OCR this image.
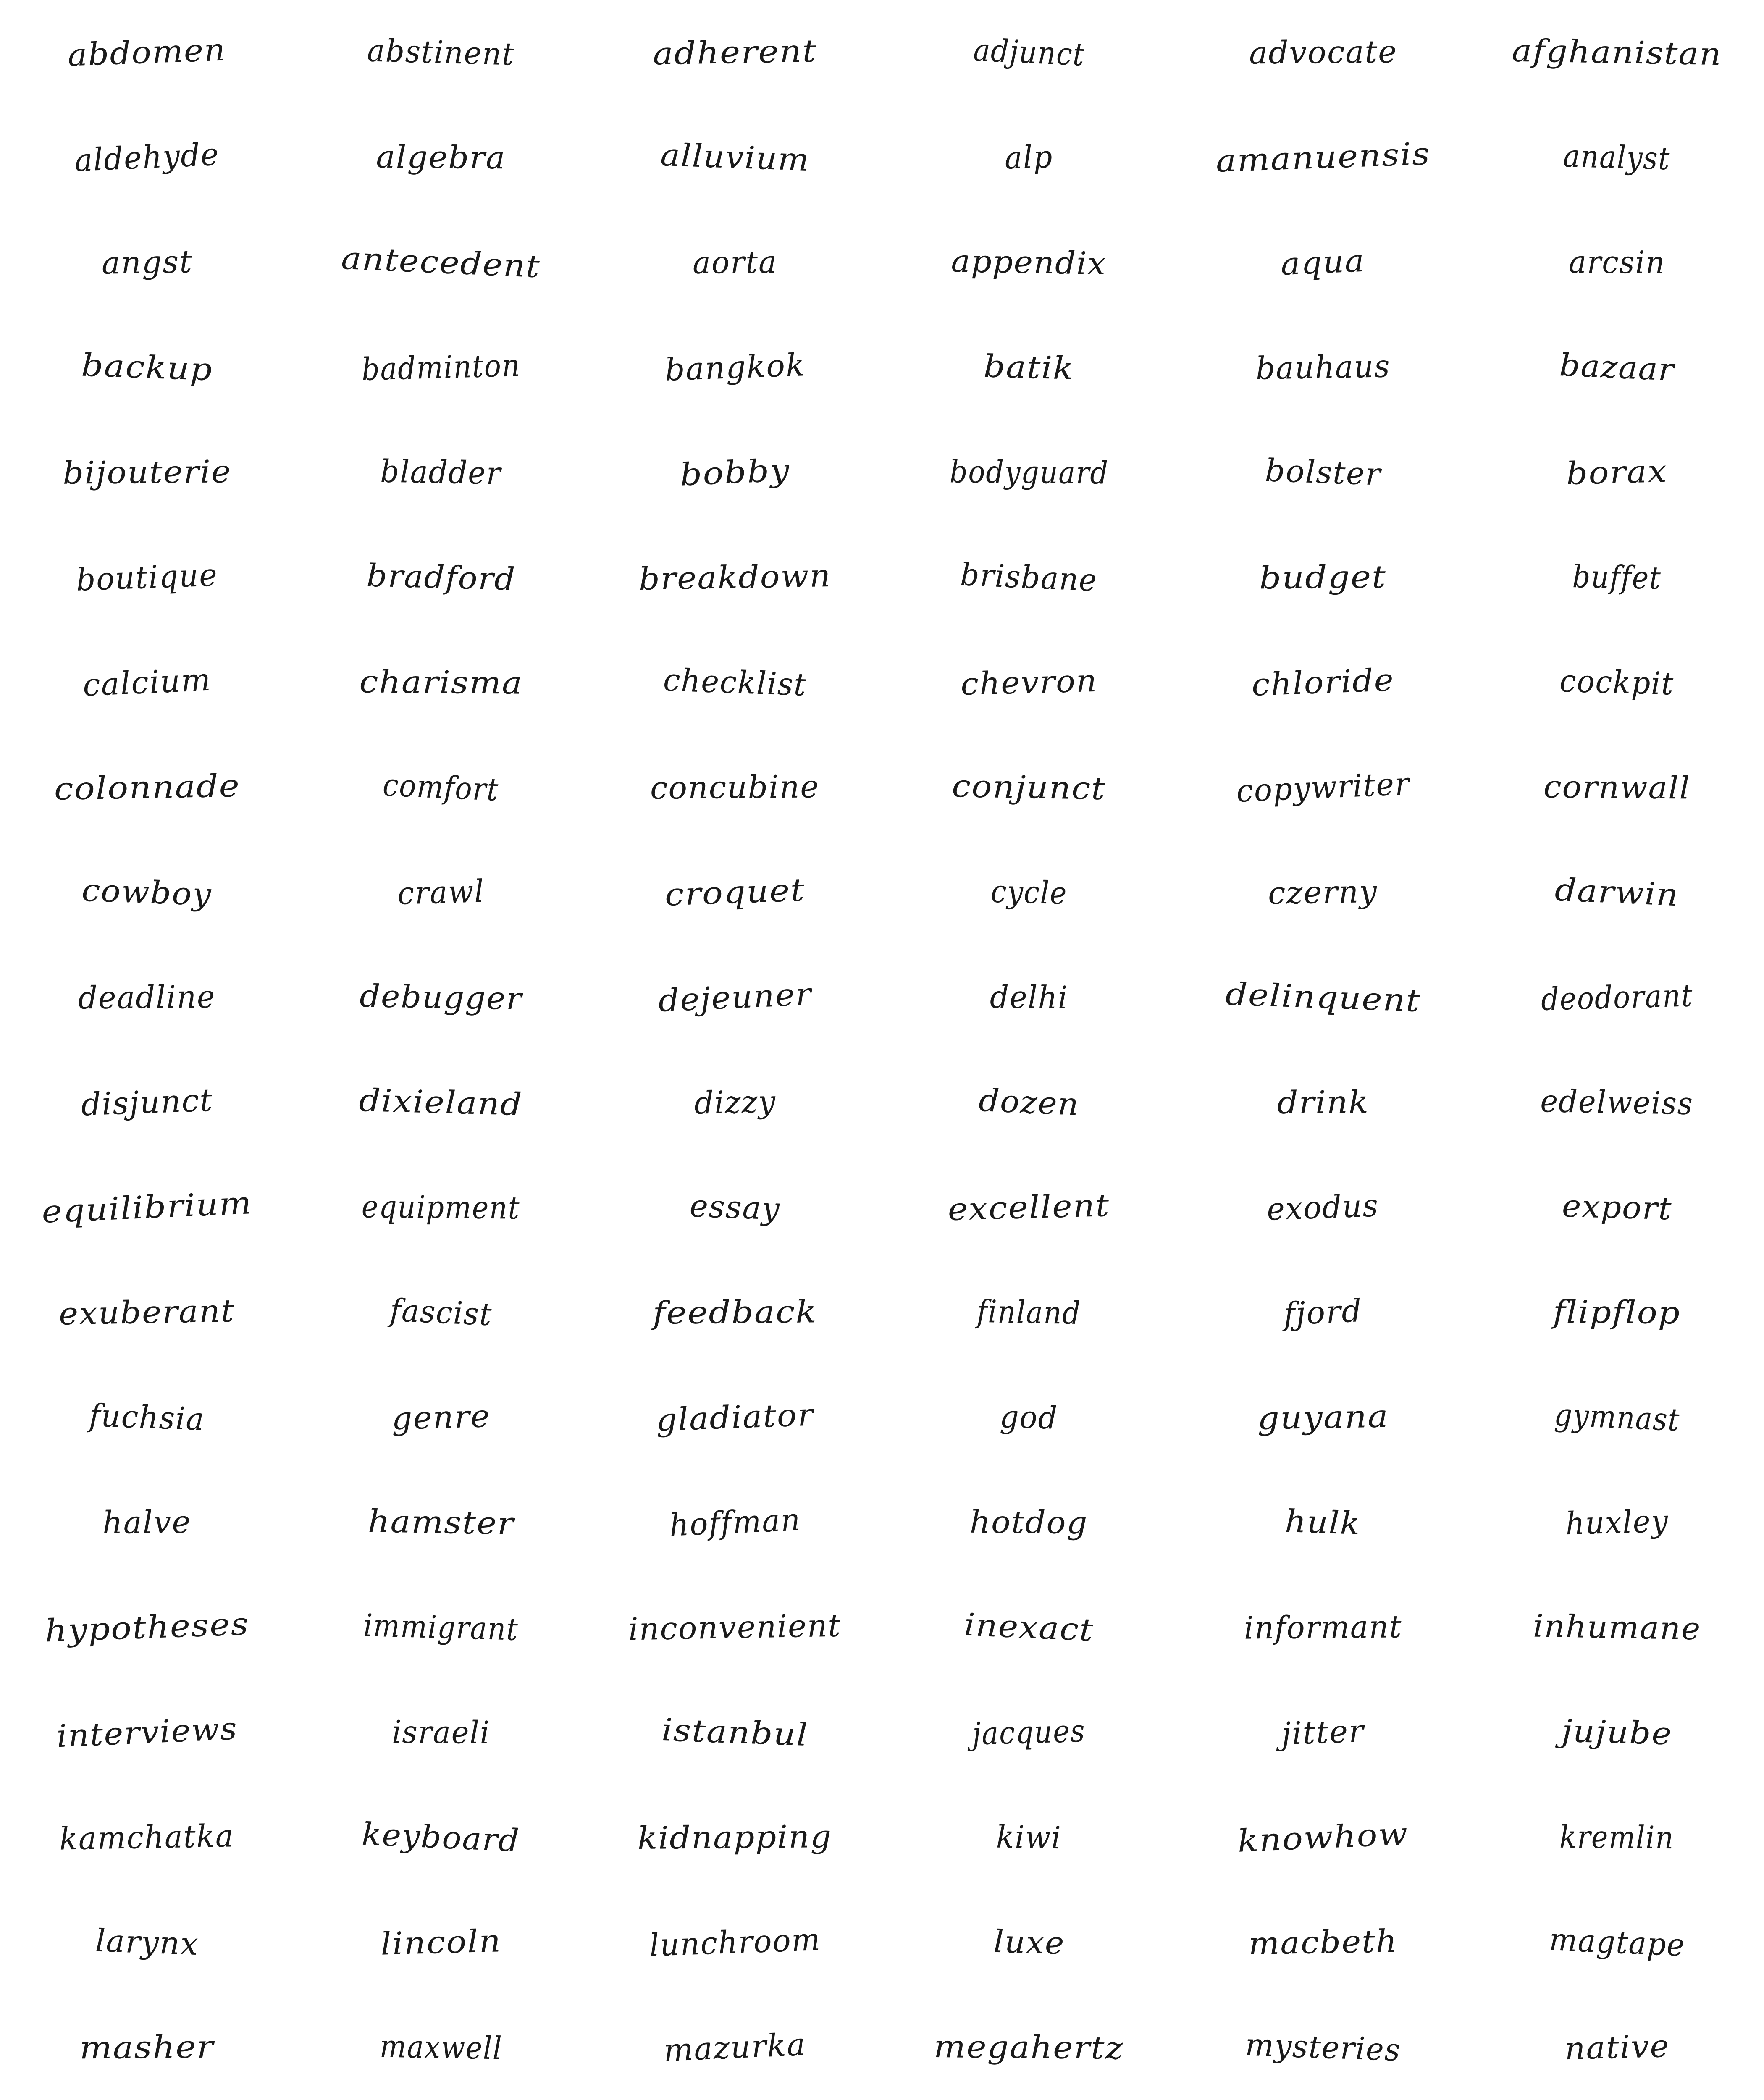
abdomen	abstinent	adherent	adjunct	advocate	afghanistan
aldehyde	algebra	alluvium	alp	amanuensis	analyst
angst	antecedent	aorta	appendix	aqua	arcsin
backup	badminton	bangkok	batik	bauhaus	bazaar
bijouterie	bladder	bobby	bodyguard	bolster	borax
boutique	bradford	breakdown	brisbane	budget	buffet
calcium	charisma	checklist	chevron	chloride	cockpit
colonnade	comfort	concubine	conjunct	copywriter	cornwall
cowboy	crawl	croquet	cycle	czerny	darwin
deadline	debugger	dejeuner	delhi	delinquent	deodorant
disjunct	dixieland	dizzy	dozen	drink	edelweiss
equilibrium	equipment	essay	excellent	exodus	export
exuberant	fascist	feedback	finland	fjord	flipflop
fuchsia	genre	gladiator	god	guyana	gymnast
halve	hamster	hoffman	hotdog	hulk	huxley
hypotheses	immigrant	inconvenient	inexact	informant	inhumane
interviews	israeli	istanbul	jacques	jitter	jujube
kamchatka	keyboard	kidnapping	kiwi	knowhow	kremlin
larynx	lincoln	lunchroom	luxe	macbeth	magtape
masher	maxwell	mazurka	megahertz	mysteries	native
